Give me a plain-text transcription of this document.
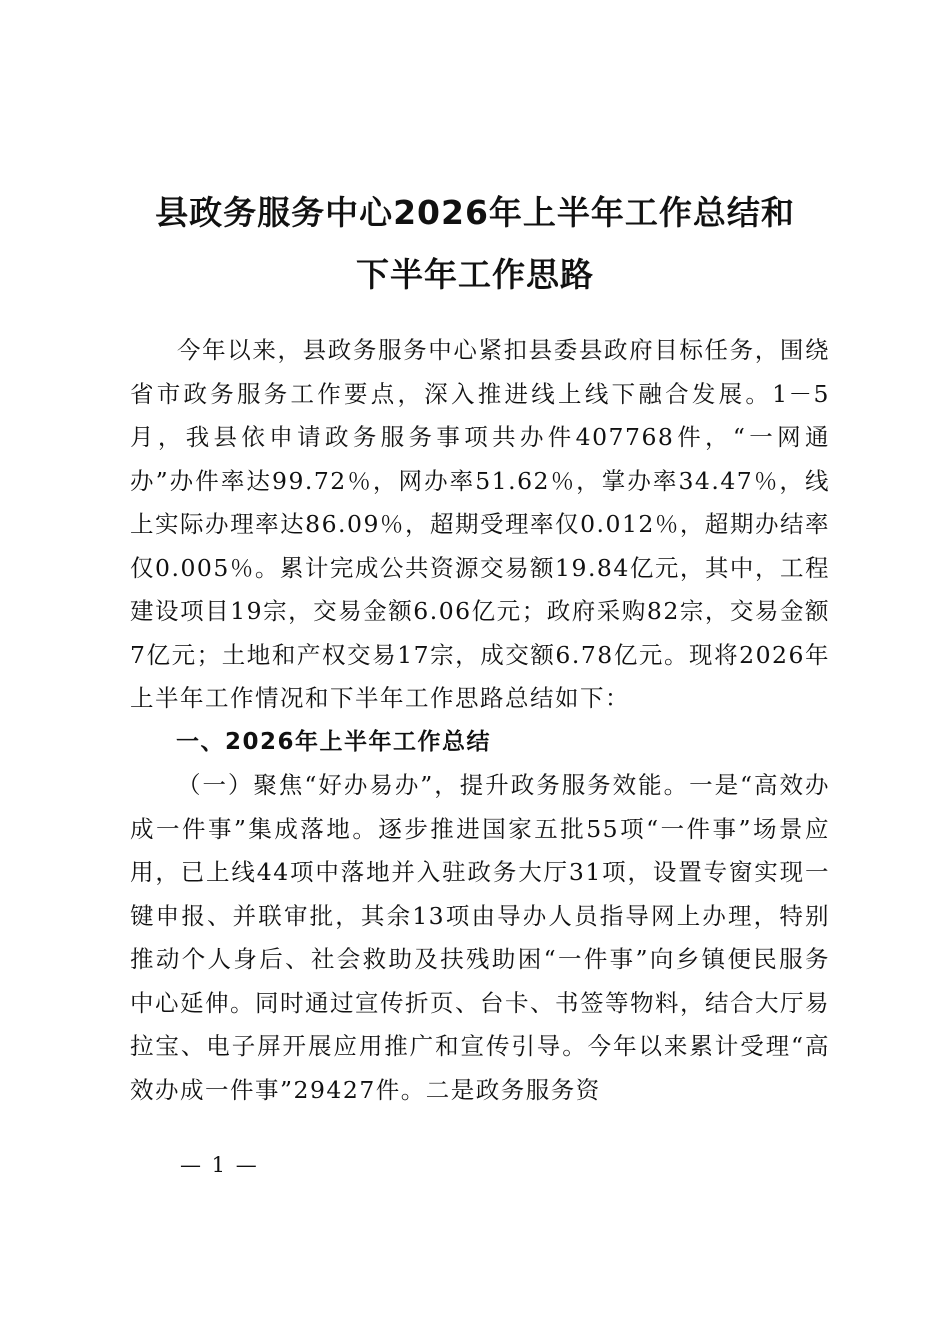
县政务服务中心2026年上半年工作总结和
下半年工作思路

今年以来，县政务服务中心紧扣县委县政府目标任务，围绕省市政务服务工作要点，深入推进线上线下融合发展。1－5月，我县依申请政务服务事项共办件407768件，“一网通办”办件率达99.72％，网办率51.62％，掌办率34.47％，线上实际办理率达86.09％，超期受理率仅0.012％，超期办结率仅0.005％。累计完成公共资源交易额19.84亿元，其中，工程建设项目19宗，交易金额6.06亿元；政府采购82宗，交易金额7亿元；土地和产权交易17宗，成交额6.78亿元。现将2026年上半年工作情况和下半年工作思路总结如下：

一、2026年上半年工作总结

（一）聚焦“好办易办”，提升政务服务效能。一是“高效办成一件事”集成落地。逐步推进国家五批55项“一件事”场景应用，已上线44项中落地并入驻政务大厅31项，设置专窗实现一键申报、并联审批，其余13项由导办人员指导网上办理，特别推动个人身后、社会救助及扶残助困“一件事”向乡镇便民服务中心延伸。同时通过宣传折页、台卡、书签等物料，结合大厅易拉宝、电子屏开展应用推广和宣传引导。今年以来累计受理“高效办成一件事”29427件。二是政务服务资

— 1 —
